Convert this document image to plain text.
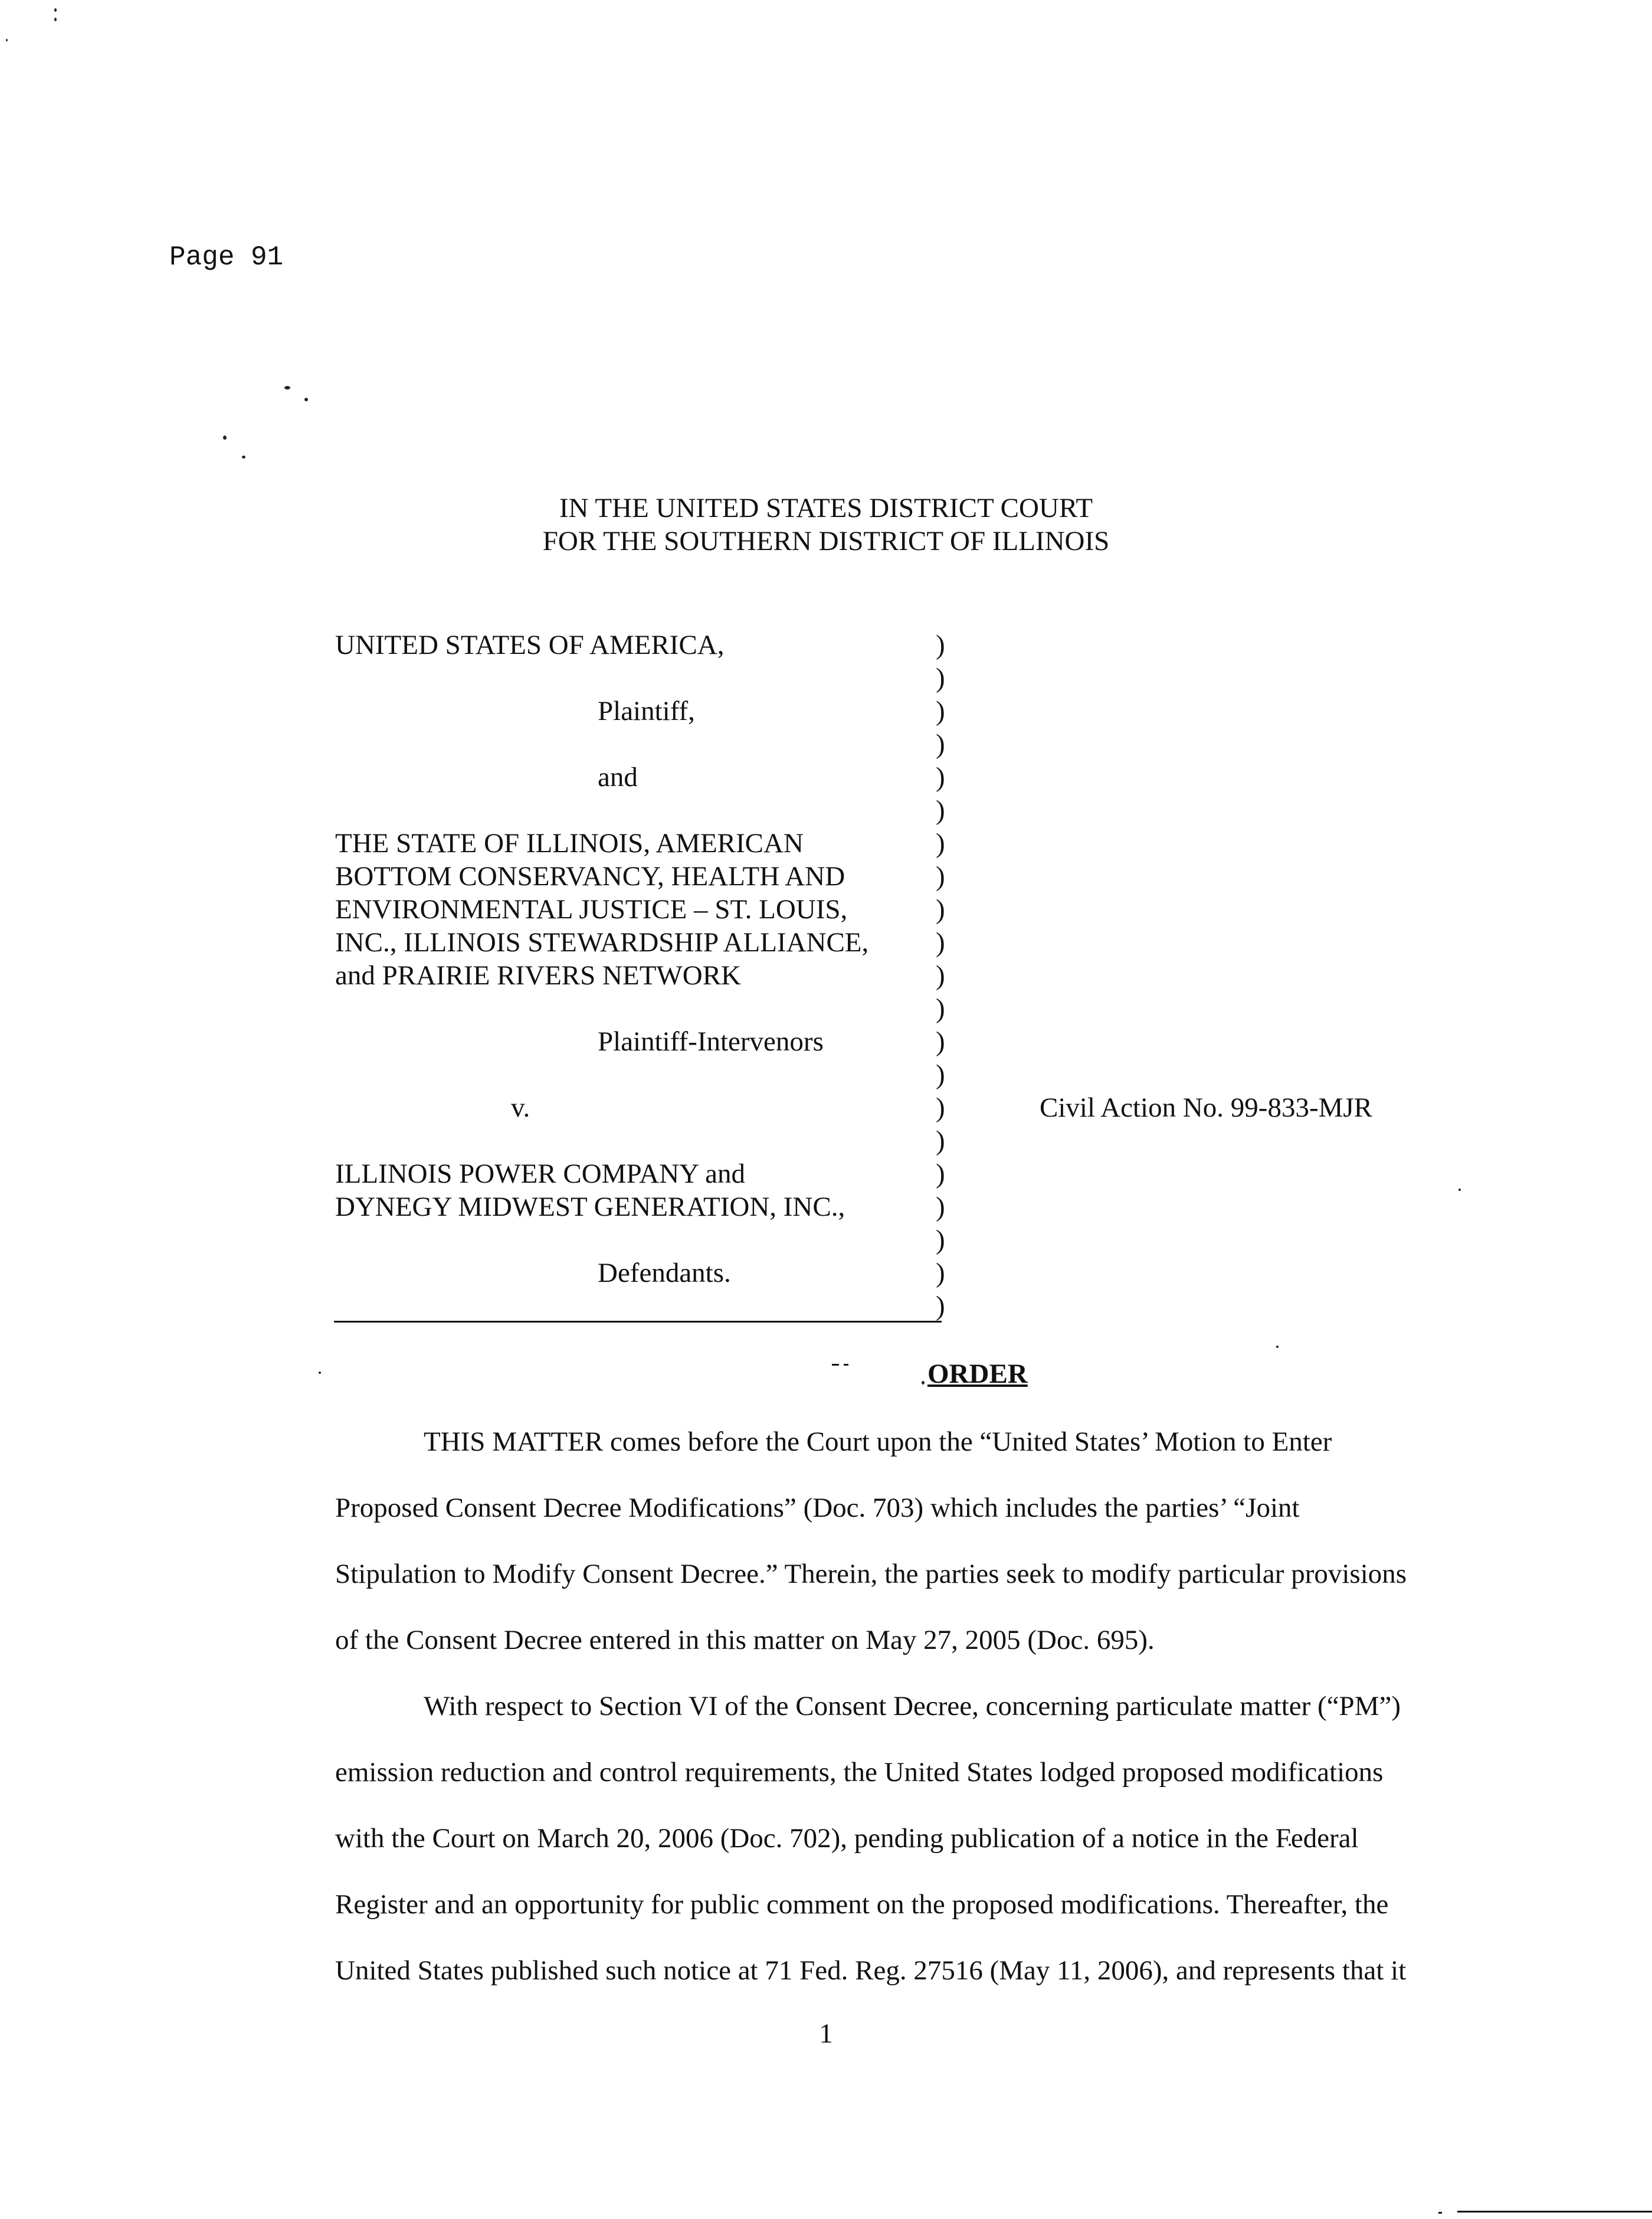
Page 91
IN THE UNITED STATES DISTRICT COURT
FOR THE SOUTHERN DISTRICT OF ILLINOIS
UNITED STATES OF AMERICA,
Plaintiff,
and
THE STATE OF ILLINOIS, AMERICAN
BOTTOM CONSERVANCY, HEALTH AND
ENVIRONMENTAL JUSTICE – ST. LOUIS,
INC., ILLINOIS STEWARDSHIP ALLIANCE,
and PRAIRIE RIVERS NETWORK
Plaintiff-Intervenors
v.
ILLINOIS POWER COMPANY and
DYNEGY MIDWEST GENERATION, INC.,
Defendants.
)
)
)
)
)
)
)
)
)
)
)
)
)
)
)
)
)
)
)
)
)
Civil Action No. 99-833-MJR
ORDER
THIS MATTER comes before the Court upon the “United States’ Motion to Enter
Proposed Consent Decree Modifications” (Doc. 703) which includes the parties’ “Joint
Stipulation to Modify Consent Decree.” Therein, the parties seek to modify particular provisions
of the Consent Decree entered in this matter on May 27, 2005 (Doc. 695).
With respect to Section VI of the Consent Decree, concerning particulate matter (“PM”)
emission reduction and control requirements, the United States lodged proposed modifications
with the Court on March 20, 2006 (Doc. 702), pending publication of a notice in the Federal
Register and an opportunity for public comment on the proposed modifications. Thereafter, the
United States published such notice at 71 Fed. Reg. 27516 (May 11, 2006), and represents that it
1
